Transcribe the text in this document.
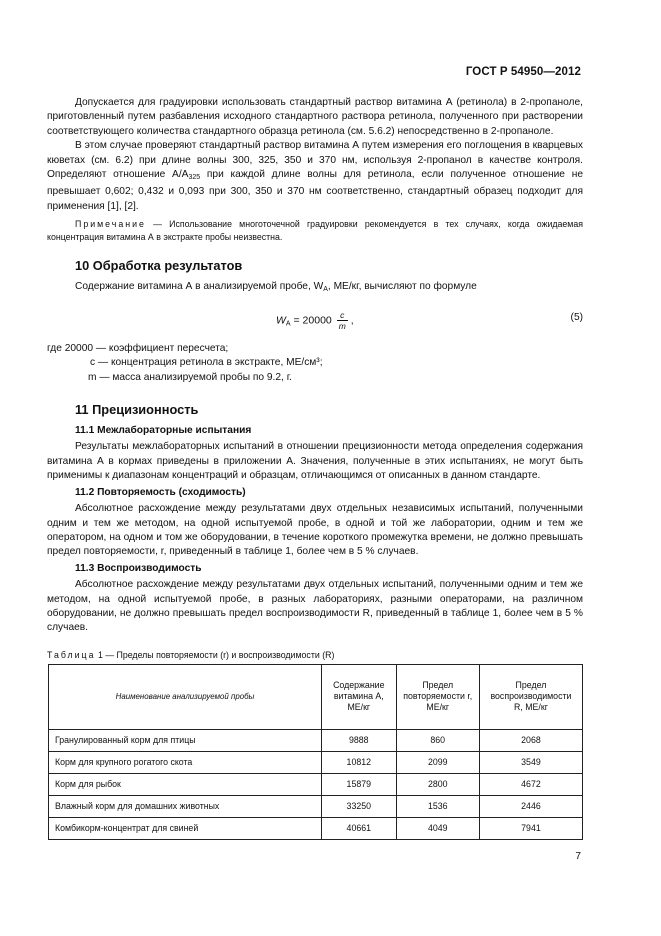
ГОСТ Р 54950—2012

Допускается для градуировки использовать стандартный раствор витамина А (ретинола) в 2-пропаноле, приготовленный путем разбавления исходного стандартного раствора ретинола, полученного при растворении соответствующего количества стандартного образца ретинола (см. 5.6.2) непосредственно в 2-пропаноле.

В этом случае проверяют стандартный раствор витамина А путем измерения его поглощения в кварцевых кюветах (см. 6.2) при длине волны 300, 325, 350 и 370 нм, используя 2-пропанол в качестве контроля. Определяют отношение $A/A_{325}$ при каждой длине волны для ретинола, если полученное отношение не превышает 0,602; 0,432 и 0,093 при 300, 350 и 370 нм соответственно, стандартный образец подходит для применения [1], [2].

Примечание — Использование многоточечной градуировки рекомендуется в тех случаях, когда ожидаемая концентрация витамина А в экстракте пробы неизвестна.

10 Обработка результатов

Содержание витамина А в анализируемой пробе, $W_A$, МЕ/кг, вычисляют по формуле

$W_A = 20000 \frac{c}{m}$ ,	(5)

где 20000 — коэффициент пересчета;

c — концентрация ретинола в экстракте, МЕ/см³;

m — масса анализируемой пробы по 9.2, г.

11 Прецизионность
11.1 Межлабораторные испытания

Результаты межлабораторных испытаний в отношении прецизионности метода определения содержания витамина А в кормах приведены в приложении А. Значения, полученные в этих испытаниях, не могут быть применимы к диапазонам концентраций и образцам, отличающимся от описанных в данном стандарте.

11.2 Повторяемость (сходимость)

Абсолютное расхождение между результатами двух отдельных независимых испытаний, полученными одним и тем же методом, на одной испытуемой пробе, в одной и той же лаборатории, одним и тем же оператором, на одном и том же оборудовании, в течение короткого промежутка времени, не должно превышать предел повторяемости, r, приведенный в таблице 1, более чем в 5 % случаев.

11.3 Воспроизводимость

Абсолютное расхождение между результатами двух отдельных испытаний, полученными одним и тем же методом, на одной испытуемой пробе, в разных лабораториях, разными операторами, на различном оборудовании, не должно превышать предел воспроизводимости R, приведенный в таблице 1, более чем в 5 % случаев.

Таблица 1 — Пределы повторяемости (r) и воспроизводимости (R)
Наименование анализируемой пробы	Содержание витамина А, МЕ/кг	Предел повторяемости r, МЕ/кг	Предел воспроизводимости R, МЕ/кг
Гранулированный корм для птицы	9888	860	2068
Корм для крупного рогатого скота	10812	2099	3549
Корм для рыбок	15879	2800	4672
Влажный корм для домашних животных	33250	1536	2446
Комбикорм-концентрат для свиней	40661	4049	7941
7
